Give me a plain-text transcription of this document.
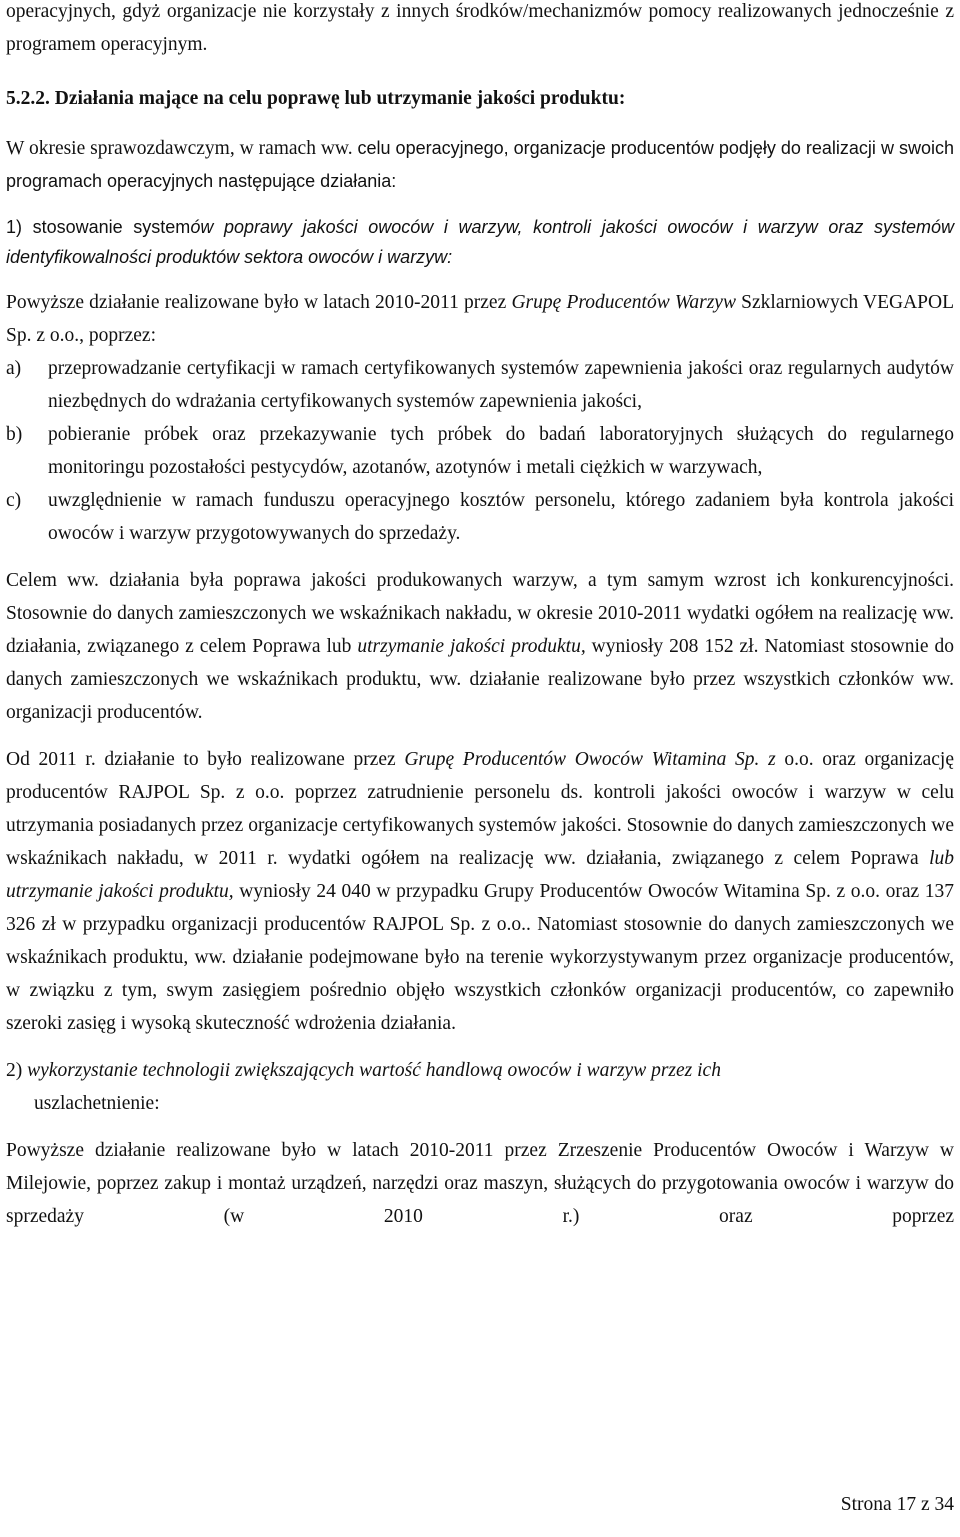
operacyjnych, gdyż organizacje nie korzystały z innych środków/mechanizmów pomocy realizowanych jednocześnie z programem operacyjnym.

5.2.2. Działania mające na celu poprawę lub utrzymanie jakości produktu:

W okresie sprawozdawczym, w ramach ww. celu operacyjnego, organizacje producentów podjęły do realizacji w swoich programach operacyjnych następujące działania:

1) stosowanie systemów poprawy jakości owoców i warzyw, kontroli jakości owoców i warzyw oraz systemów identyfikowalności produktów sektora owoców i warzyw:

Powyższe działanie realizowane było w latach 2010-2011 przez Grupę Producentów Warzyw Szklarniowych VEGAPOL Sp. z o.o., poprzez:

a) przeprowadzanie certyfikacji w ramach certyfikowanych systemów zapewnienia jakości oraz regularnych audytów niezbędnych do wdrażania certyfikowanych systemów zapewnienia jakości,

b) pobieranie próbek oraz przekazywanie tych próbek do badań laboratoryjnych służących do regularnego monitoringu pozostałości pestycydów, azotanów, azotynów i metali ciężkich w warzywach,

c) uwzględnienie w ramach funduszu operacyjnego kosztów personelu, którego zadaniem była kontrola jakości owoców i warzyw przygotowywanych do sprzedaży.

Celem ww. działania była poprawa jakości produkowanych warzyw, a tym samym wzrost ich konkurencyjności. Stosownie do danych zamieszczonych we wskaźnikach nakładu, w okresie 2010-2011 wydatki ogółem na realizację ww. działania, związanego z celem Poprawa lub utrzymanie jakości produktu, wyniosły 208 152 zł. Natomiast stosownie do danych zamieszczonych we wskaźnikach produktu, ww. działanie realizowane było przez wszystkich członków ww. organizacji producentów.

Od 2011 r. działanie to było realizowane przez Grupę Producentów Owoców Witamina Sp. z o.o. oraz organizację producentów RAJPOL Sp. z o.o. poprzez zatrudnienie personelu ds. kontroli jakości owoców i warzyw w celu utrzymania posiadanych przez organizacje certyfikowanych systemów jakości. Stosownie do danych zamieszczonych we wskaźnikach nakładu, w 2011 r. wydatki ogółem na realizację ww. działania, związanego z celem Poprawa lub utrzymanie jakości produktu, wyniosły 24 040 w przypadku Grupy Producentów Owoców Witamina Sp. z o.o. oraz 137 326 zł w przypadku organizacji producentów RAJPOL Sp. z o.o.. Natomiast stosownie do danych zamieszczonych we wskaźnikach produktu, ww. działanie podejmowane było na terenie wykorzystywanym przez organizacje producentów, w związku z tym, swym zasięgiem pośrednio objęło wszystkich członków organizacji producentów, co zapewniło szeroki zasięg i wysoką skuteczność wdrożenia działania.

2) wykorzystanie technologii zwiększających wartość handlową owoców i warzyw przez ich
uszlachetnienie:

Powyższe działanie realizowane było w latach 2010-2011 przez Zrzeszenie Producentów Owoców i Warzyw w Milejowie, poprzez zakup i montaż urządzeń, narzędzi oraz maszyn, służących do przygotowania owoców i warzyw do sprzedaży (w 2010 r.) oraz poprzez

Strona 17 z 34
